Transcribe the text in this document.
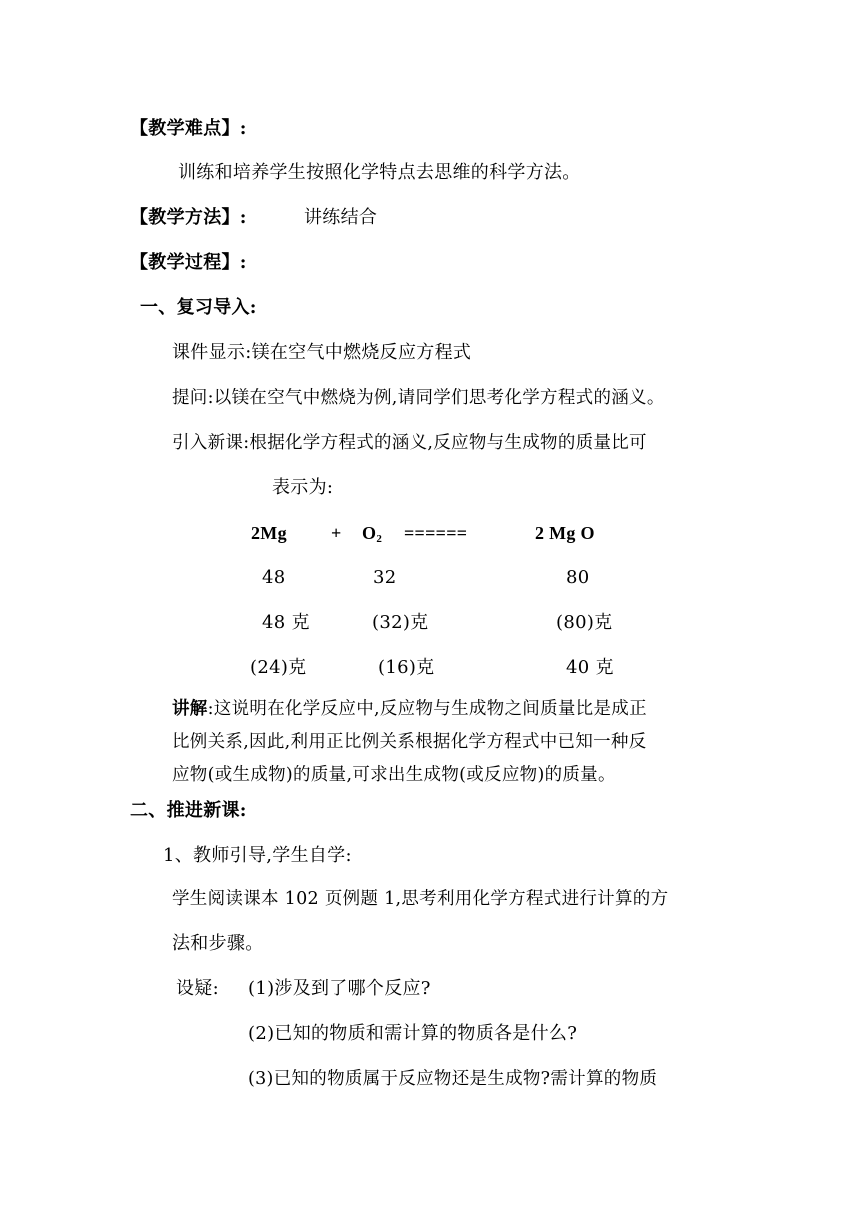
【教学难点】:
训练和培养学生按照化学特点去思维的科学方法。
【教学方法】:	讲练结合
【教学过程】:
一、复习导入:
课件显示:镁在空气中燃烧反应方程式
提问:以镁在空气中燃烧为例,请同学们思考化学方程式的涵义。
引入新课:根据化学方程式的涵义,反应物与生成物的质量比可
表示为:
$2Mg + O_2$ ======	2 Mg O
48	32	80
48 克	(32)克	(80)克
(24)克	(16)克	40 克
讲解:这说明在化学反应中,反应物与生成物之间质量比是成正
比例关系,因此,利用正比例关系根据化学方程式中已知一种反
应物(或生成物)的质量,可求出生成物(或反应物)的质量。
二、推进新课:
1、教师引导,学生自学:
学生阅读课本 102 页例题 1,思考利用化学方程式进行计算的方
法和步骤。
设疑: (1)涉及到了哪个反应?
(2)已知的物质和需计算的物质各是什么?
(3)已知的物质属于反应物还是生成物?需计算的物质
